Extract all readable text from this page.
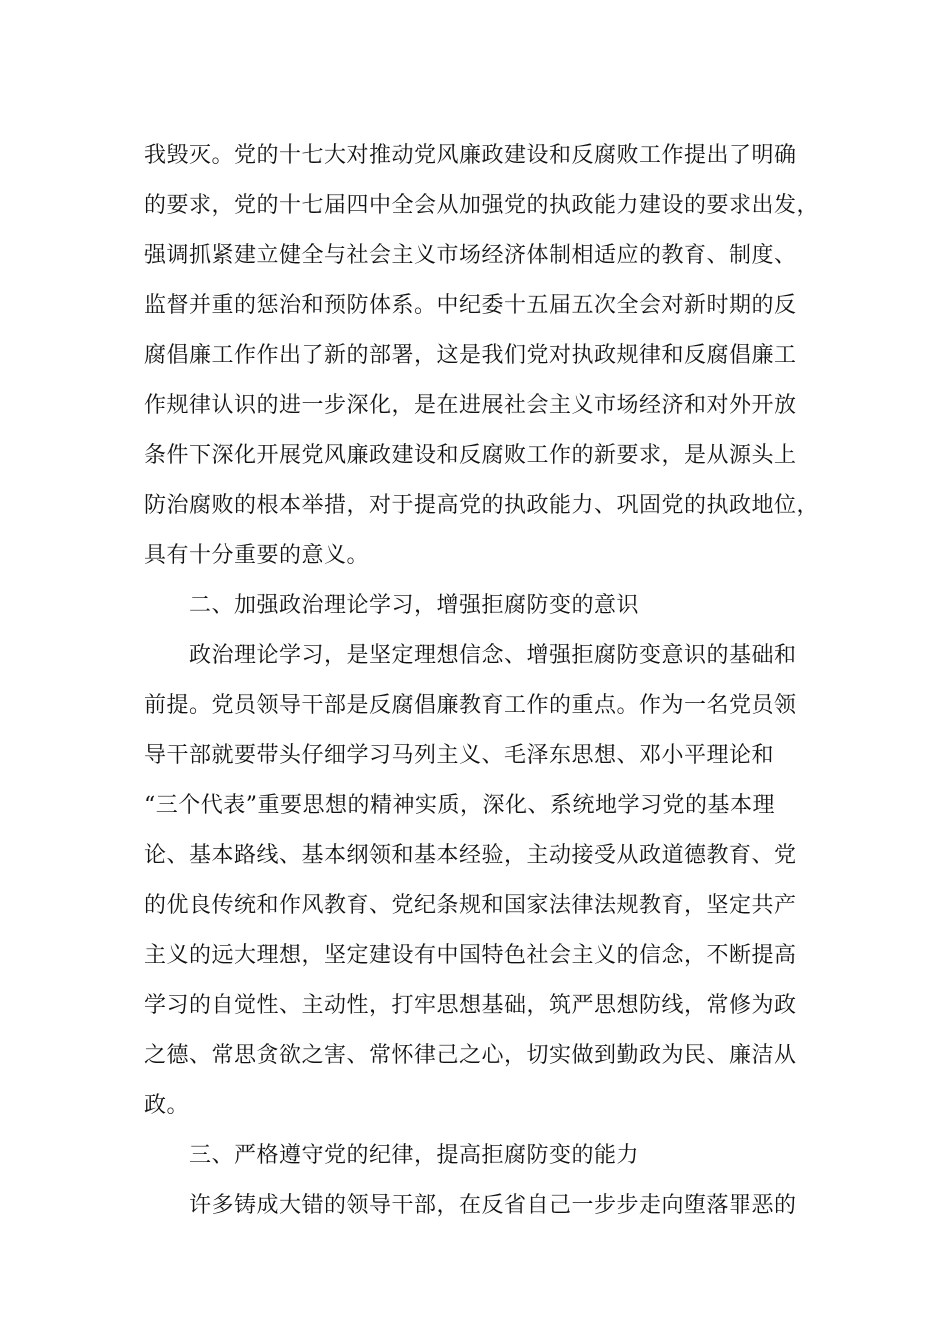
我毁灭。党的十七大对推动党风廉政建设和反腐败工作提出了明确
的要求，党的十七届四中全会从加强党的执政能力建设的要求出发，
强调抓紧建立健全与社会主义市场经济体制相适应的教育、制度、
监督并重的惩治和预防体系。中纪委十五届五次全会对新时期的反
腐倡廉工作作出了新的部署，这是我们党对执政规律和反腐倡廉工
作规律认识的进一步深化，是在进展社会主义市场经济和对外开放
条件下深化开展党风廉政建设和反腐败工作的新要求，是从源头上
防治腐败的根本举措，对于提高党的执政能力、巩固党的执政地位，
具有十分重要的意义。
二、加强政治理论学习，增强拒腐防变的意识
政治理论学习，是坚定理想信念、增强拒腐防变意识的基础和
前提。党员领导干部是反腐倡廉教育工作的重点。作为一名党员领
导干部就要带头仔细学习马列主义、毛泽东思想、邓小平理论和
“三个代表”重要思想的精神实质，深化、系统地学习党的基本理
论、基本路线、基本纲领和基本经验，主动接受从政道德教育、党
的优良传统和作风教育、党纪条规和国家法律法规教育，坚定共产
主义的远大理想，坚定建设有中国特色社会主义的信念，不断提高
学习的自觉性、主动性，打牢思想基础，筑严思想防线，常修为政
之德、常思贪欲之害、常怀律己之心，切实做到勤政为民、廉洁从
政。
三、严格遵守党的纪律，提高拒腐防变的能力
许多铸成大错的领导干部，在反省自己一步步走向堕落罪恶的
